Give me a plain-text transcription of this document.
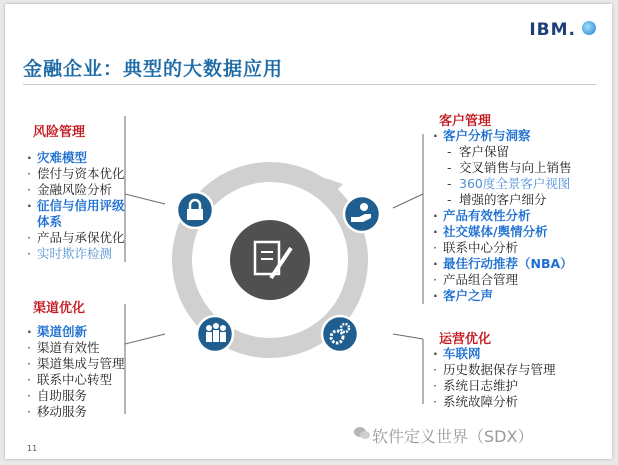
IBM.
金融企业：典型的大数据应用
风险管理
· 灾难模型
· 偿付与资本优化
· 金融风险分析
· 征信与信用评级
体系
· 产品与承保优化
· 实时欺诈检测
渠道优化
· 渠道创新
· 渠道有效性
· 渠道集成与管理
· 联系中心转型
· 自助服务
· 移动服务
客户管理
· 客户分析与洞察
- 客户保留
- 交叉销售与向上销售
- 360度全景客户视图
- 增强的客户细分
· 产品有效性分析
· 社交媒体/舆情分析
· 联系中心分析
· 最佳行动推荐（NBA）
· 产品组合管理
· 客户之声
运营优化
· 车联网
· 历史数据保存与管理
· 系统日志维护
· 系统故障分析
11
软件定义世界（SDX）
